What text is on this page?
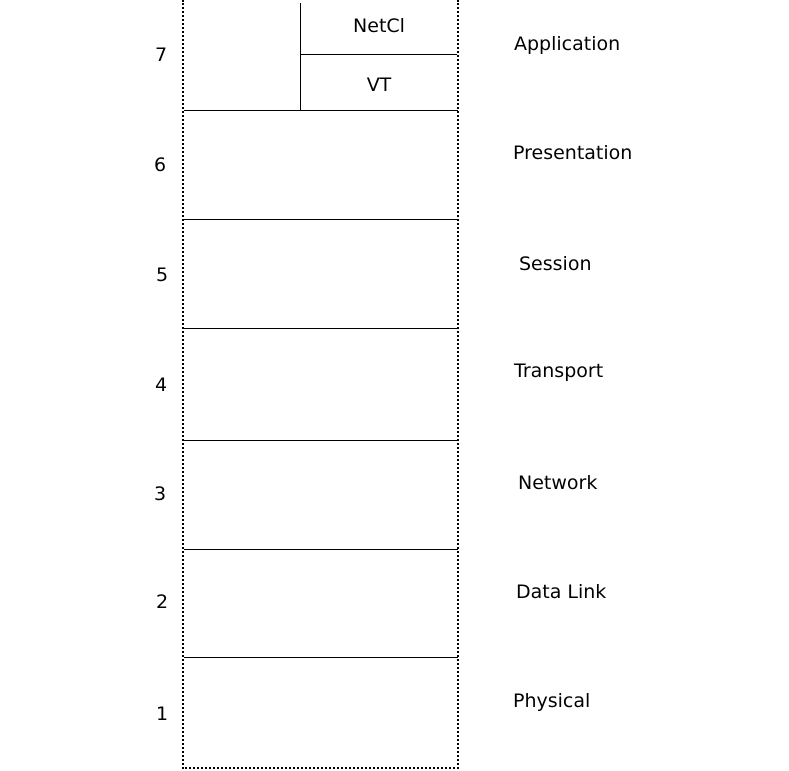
NetCl
VT
7
6
5
4
3
2
1
Application
Presentation
Session
Transport
Network
Data Link
Physical
